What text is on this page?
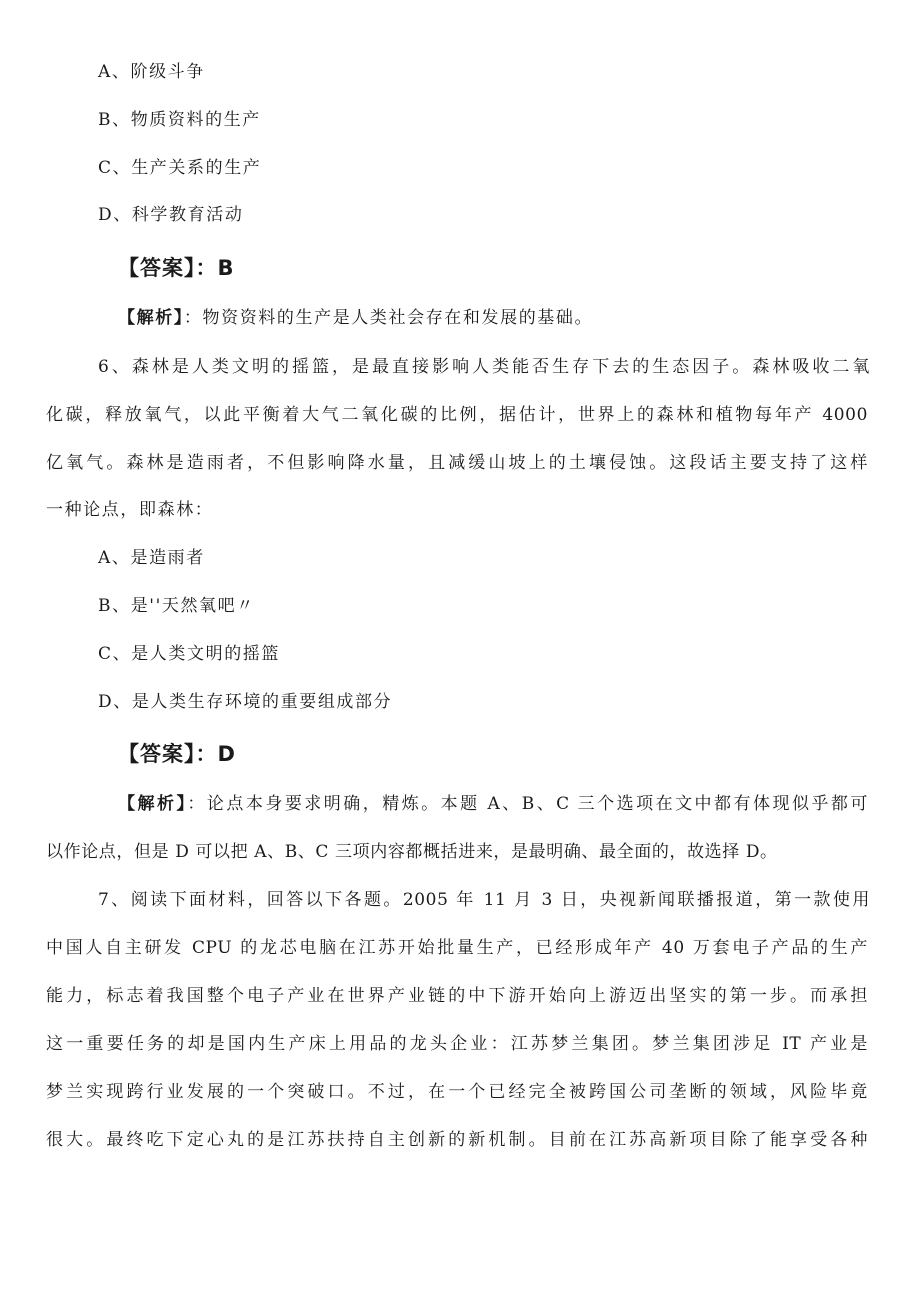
A、阶级斗争
B、物质资料的生产
C、生产关系的生产
D、科学教育活动
【答案】：B
【解析】：物资资料的生产是人类社会存在和发展的基础。
6、森林是人类文明的摇篮，是最直接影响人类能否生存下去的生态因子。森林吸收二氧
化碳，释放氧气，以此平衡着大气二氧化碳的比例，据估计，世界上的森林和植物每年产 4000
亿氧气。森林是造雨者，不但影响降水量，且减缓山坡上的土壤侵蚀。这段话主要支持了这样
一种论点，即森林：
A、是造雨者
B、是''天然氧吧〃
C、是人类文明的摇篮
D、是人类生存环境的重要组成部分
【答案】：D
【解析】：论点本身要求明确，精炼。本题 A、B、C 三个选项在文中都有体现似乎都可
以作论点，但是 D 可以把 A、B、C 三项内容都概括进来，是最明确、最全面的，故选择 D。
7、阅读下面材料，回答以下各题。2005 年 11 月 3 日，央视新闻联播报道，第一款使用
中国人自主研发 CPU 的龙芯电脑在江苏开始批量生产，已经形成年产 40 万套电子产品的生产
能力，标志着我国整个电子产业在世界产业链的中下游开始向上游迈出坚实的第一步。而承担
这一重要任务的却是国内生产床上用品的龙头企业：江苏梦兰集团。梦兰集团涉足 IT 产业是
梦兰实现跨行业发展的一个突破口。不过，在一个已经完全被跨国公司垄断的领域，风险毕竟
很大。最终吃下定心丸的是江苏扶持自主创新的新机制。目前在江苏高新项目除了能享受各种
